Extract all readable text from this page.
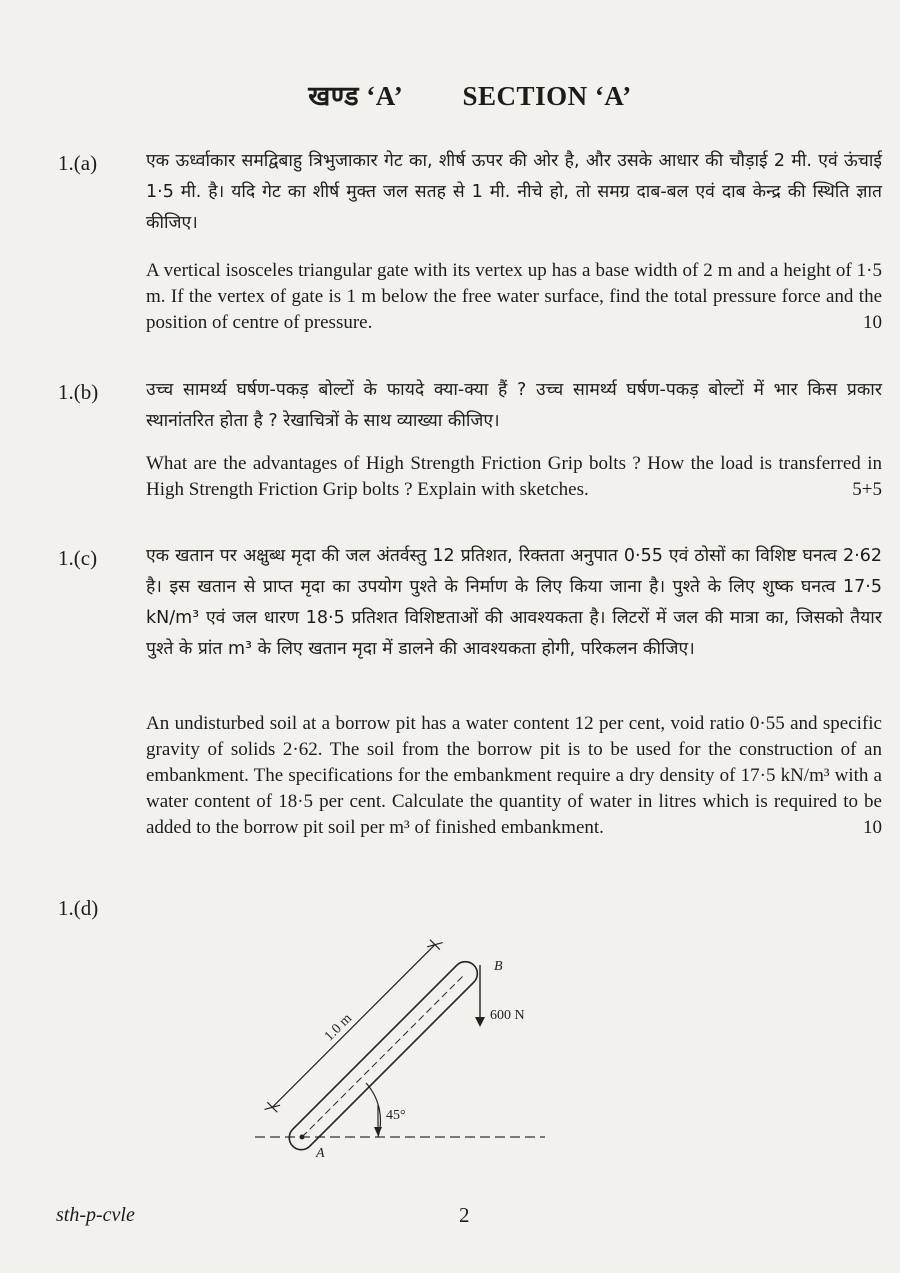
खण्ड ‘A’ SECTION ‘A’
1.(a)	एक ऊर्ध्वाकार समद्विबाहु त्रिभुजाकार गेट का, शीर्ष ऊपर की ओर है, और उसके आधार की चौड़ाई 2 मी. एवं ऊंचाई 1·5 मी. है। यदि गेट का शीर्ष मुक्त जल सतह से 1 मी. नीचे हो, तो समग्र दाब-बल एवं दाब केन्द्र की स्थिति ज्ञात कीजिए।
A vertical isosceles triangular gate with its vertex up has a base width of 2 m and a height of 1·5 m. If the vertex of gate is 1 m below the free water surface, find the total pressure force and the position of centre of pressure.	10
1.(b)	उच्च सामर्थ्य घर्षण-पकड़ बोल्टों के फायदे क्या-क्या हैं ? उच्च सामर्थ्य घर्षण-पकड़ बोल्टों में भार किस प्रकार स्थानांतरित होता है ? रेखाचित्रों के साथ व्याख्या कीजिए।
What are the advantages of High Strength Friction Grip bolts ? How the load is transferred in High Strength Friction Grip bolts ? Explain with sketches.	5+5
1.(c)	एक खतान पर अक्षुब्ध मृदा की जल अंतर्वस्तु 12 प्रतिशत, रिक्तता अनुपात 0·55 एवं ठोसों का विशिष्ट घनत्व 2·62 है। इस खतान से प्राप्त मृदा का उपयोग पुश्ते के निर्माण के लिए किया जाना है। पुश्ते के लिए शुष्क घनत्व 17·5 kN/m³ एवं जल धारण 18·5 प्रतिशत विशिष्टताओं की आवश्यकता है। लिटरों में जल की मात्रा का, जिसको तैयार पुश्ते के प्रांत m³ के लिए खतान मृदा में डालने की आवश्यकता होगी, परिकलन कीजिए।
An undisturbed soil at a borrow pit has a water content 12 per cent, void ratio 0·55 and specific gravity of solids 2·62. The soil from the borrow pit is to be used for the construction of an embankment. The specifications for the embankment require a dry density of 17·5 kN/m³ with a water content of 18·5 per cent. Calculate the quantity of water in litres which is required to be added to the borrow pit soil per m³ of finished embankment.	10
1.(d)
1.0 m
A
B
600 N
45°
sth-p-cvle	2
